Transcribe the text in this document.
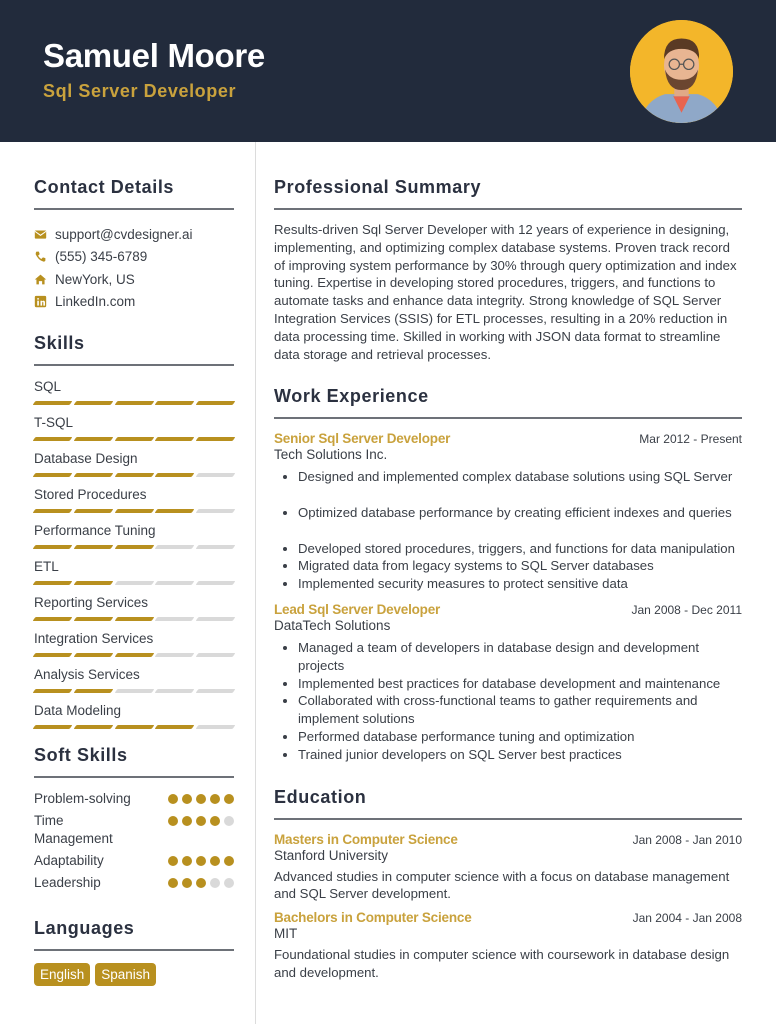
Samuel Moore
Sql Server Developer
Contact Details
support@cvdesigner.ai
(555) 345-6789
NewYork, US
LinkedIn.com
Skills
SQL
T-SQL
Database Design
Stored Procedures
Performance Tuning
ETL
Reporting Services
Integration Services
Analysis Services
Data Modeling
Soft Skills
Problem-solving
Time Management
Adaptability
Leadership
Languages
English	Spanish
Professional Summary

Results-driven Sql Server Developer with 12 years of experience in designing, implementing, and optimizing complex database systems. Proven track record of improving system performance by 30% through query optimization and index tuning. Expertise in developing stored procedures, triggers, and functions to automate tasks and enhance data integrity. Strong knowledge of SQL Server Integration Services (SSIS) for ETL processes, resulting in a 20% reduction in data processing time. Skilled in working with JSON data format to streamline data storage and retrieval processes.

Work Experience
Senior Sql Server Developer	Mar 2012 - Present
Tech Solutions Inc.
• Designed and implemented complex database solutions using SQL Server
• Optimized database performance by creating efficient indexes and queries
• Developed stored procedures, triggers, and functions for data manipulation
• Migrated data from legacy systems to SQL Server databases
• Implemented security measures to protect sensitive data
Lead Sql Server Developer	Jan 2008 - Dec 2011
DataTech Solutions
• Managed a team of developers in database design and development projects
• Implemented best practices for database development and maintenance
• Collaborated with cross-functional teams to gather requirements and implement solutions
• Performed database performance tuning and optimization
• Trained junior developers on SQL Server best practices
Education
Masters in Computer Science	Jan 2008 - Jan 2010
Stanford University

Advanced studies in computer science with a focus on database management and SQL Server development.

Bachelors in Computer Science	Jan 2004 - Jan 2008
MIT

Foundational studies in computer science with coursework in database design and development.
